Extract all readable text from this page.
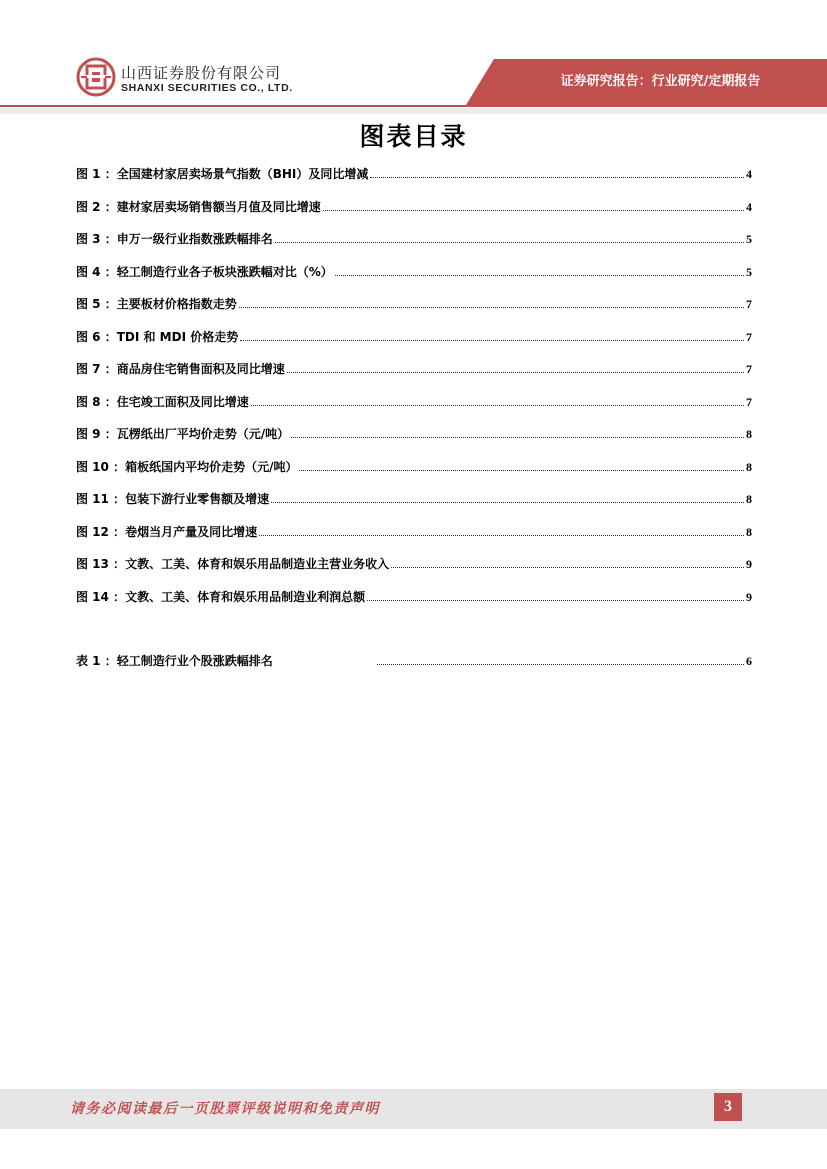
山西证券股份有限公司
SHANXI SECURITIES CO., LTD.	证券研究报告：行业研究/定期报告
图表目录
图 1 ： 全国建材家居卖场景气指数（BHI）及同比增减	4
图 2 ： 建材家居卖场销售额当月值及同比增速	4
图 3 ： 申万一级行业指数涨跌幅排名	5
图 4 ： 轻工制造行业各子板块涨跌幅对比（%）	5
图 5 ： 主要板材价格指数走势	7
图 6 ： TDI 和 MDI 价格走势	7
图 7 ： 商品房住宅销售面积及同比增速	7
图 8 ： 住宅竣工面积及同比增速	7
图 9 ： 瓦楞纸出厂平均价走势（元/吨）	8
图 10 ： 箱板纸国内平均价走势（元/吨）	8
图 11 ： 包装下游行业零售额及增速	8
图 12 ： 卷烟当月产量及同比增速	8
图 13 ： 文教、工美、体育和娱乐用品制造业主营业务收入	9
图 14 ： 文教、工美、体育和娱乐用品制造业利润总额	9
表 1 ： 轻工制造行业个股涨跌幅排名	6
请务必阅读最后一页股票评级说明和免责声明	3
